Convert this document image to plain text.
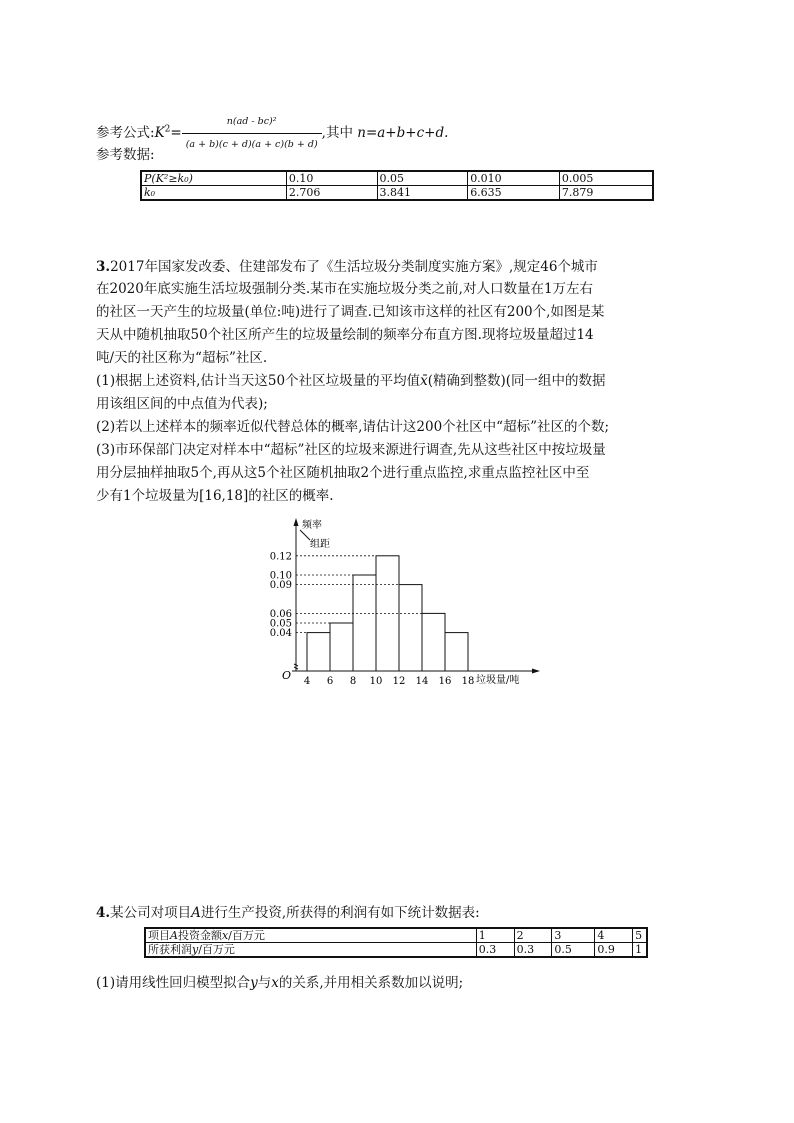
参考公式$:K^2= \frac{\text{n(ad - bc)²}}{(a + b)(c + d)(a + c)(b + d)}$ ,其中 n=a+b+c+d.
参考数据:
P(K²≥k₀)	0.10	0.05	0.010	0.005
k₀	2.706	3.841	6.635	7.879
3.2017年国家发改委、住建部发布了《生活垃圾分类制度实施方案》,规定46个城市
在2020年底实施生活垃圾强制分类.某市在实施垃圾分类之前,对人口数量在1万左右
的社区一天产生的垃圾量(单位:吨)进行了调查.已知该市这样的社区有200个,如图是某
天从中随机抽取50个社区所产生的垃圾量绘制的频率分布直方图.现将垃圾量超过14
吨/天的社区称为“超标”社区.
(1)根据上述资料,估计当天这50个社区垃圾量的平均值x̄(精确到整数)(同一组中的数据
用该组区间的中点值为代表);
(2)若以上述样本的频率近似代替总体的概率,请估计这200个社区中“超标”社区的个数;
(3)市环保部门决定对样本中“超标”社区的垃圾来源进行调查,先从这些社区中按垃圾量
用分层抽样抽取5个,再从这5个社区随机抽取2个进行重点监控,求重点监控社区中至
少有1个垃圾量为[16,18]的社区的概率.
0.12
0.10
0.09
0.06
0.05
0.04
4 6 8 10 12 14 16 18
频率
组距
O	垃圾量/吨
4.某公司对项目A进行生产投资,所获得的利润有如下统计数据表:
项目A投资金额x/百万元	1	2	3	4	5
所获利润y/百万元	0.3	0.3	0.5	0.9	1
(1)请用线性回归模型拟合y与x的关系,并用相关系数加以说明;
